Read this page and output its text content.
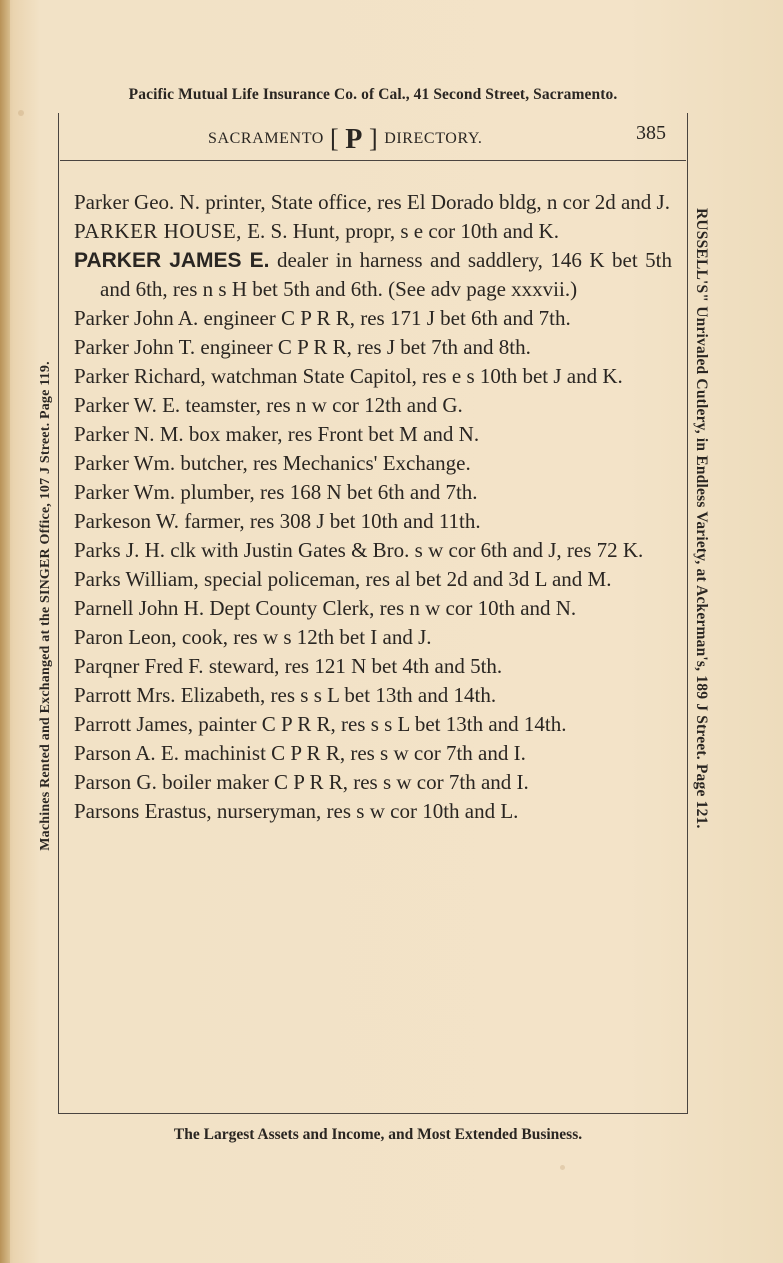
Pacific Mutual Life Insurance Co. of Cal., 41 Second Street, Sacramento.
SACRAMENTO [ P ] DIRECTORY.	385
Parker Geo. N. printer, State office, res El Dorado bldg, n cor 2d and J.
PARKER HOUSE, E. S. Hunt, propr, s e cor 10th and K.
PARKER JAMES E. dealer in harness and saddlery, 146 K bet 5th and 6th, res n s H bet 5th and 6th. (See adv page xxxvii.)
Parker John A. engineer C P R R, res 171 J bet 6th and 7th.
Parker John T. engineer C P R R, res J bet 7th and 8th.
Parker Richard, watchman State Capitol, res e s 10th bet J and K.
Parker W. E. teamster, res n w cor 12th and G.
Parker N. M. box maker, res Front bet M and N.
Parker Wm. butcher, res Mechanics' Exchange.
Parker Wm. plumber, res 168 N bet 6th and 7th.
Parkeson W. farmer, res 308 J bet 10th and 11th.
Parks J. H. clk with Justin Gates & Bro. s w cor 6th and J, res 72 K.
Parks William, special policeman, res al bet 2d and 3d L and M.
Parnell John H. Dept County Clerk, res n w cor 10th and N.
Paron Leon, cook, res w s 12th bet I and J.
Parqner Fred F. steward, res 121 N bet 4th and 5th.
Parrott Mrs. Elizabeth, res s s L bet 13th and 14th.
Parrott James, painter C P R R, res s s L bet 13th and 14th.
Parson A. E. machinist C P R R, res s w cor 7th and I.
Parson G. boiler maker C P R R, res s w cor 7th and I.
Parsons Erastus, nurseryman, res s w cor 10th and L.
Machines Rented and Exchanged at the SINGER Office, 107 J Street. Page 119.	RUSSELL'S" Unrivaled Cutlery, in Endless Variety, at Ackerman's, 189 J Street. Page 121.
The Largest Assets and Income, and Most Extended Business.
